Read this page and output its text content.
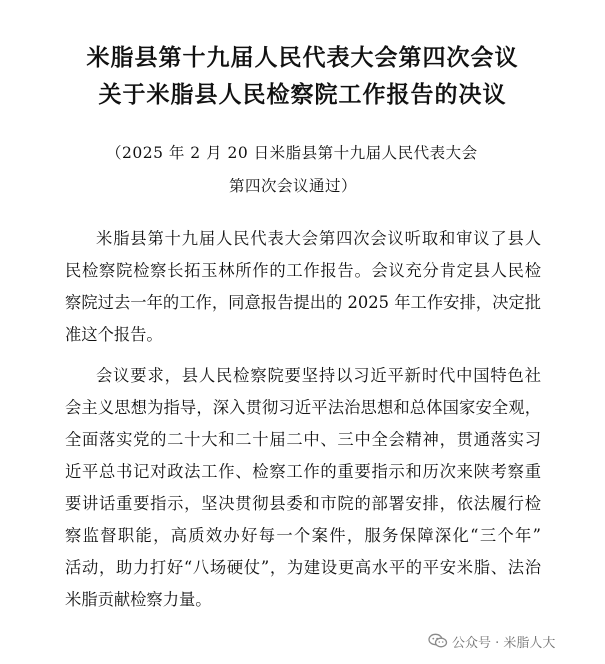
米脂县第十九届人民代表大会第四次会议
关于米脂县人民检察院工作报告的决议
（2025 年 2 月 20 日米脂县第十九届人民代表大会
第四次会议通过）
米脂县第十九届人民代表大会第四次会议听取和审议了县人
民检察院检察长拓玉林所作的工作报告。会议充分肯定县人民检
察院过去一年的工作，同意报告提出的 2025 年工作安排，决定批
准这个报告。
会议要求，县人民检察院要坚持以习近平新时代中国特色社
会主义思想为指导，深入贯彻习近平法治思想和总体国家安全观，
全面落实党的二十大和二十届二中、三中全会精神，贯通落实习
近平总书记对政法工作、检察工作的重要指示和历次来陕考察重
要讲话重要指示，坚决贯彻县委和市院的部署安排，依法履行检
察监督职能，高质效办好每一个案件，服务保障深化“三个年”
活动，助力打好“八场硬仗”，为建设更高水平的平安米脂、法治
米脂贡献检察力量。
公众号 · 米脂人大
